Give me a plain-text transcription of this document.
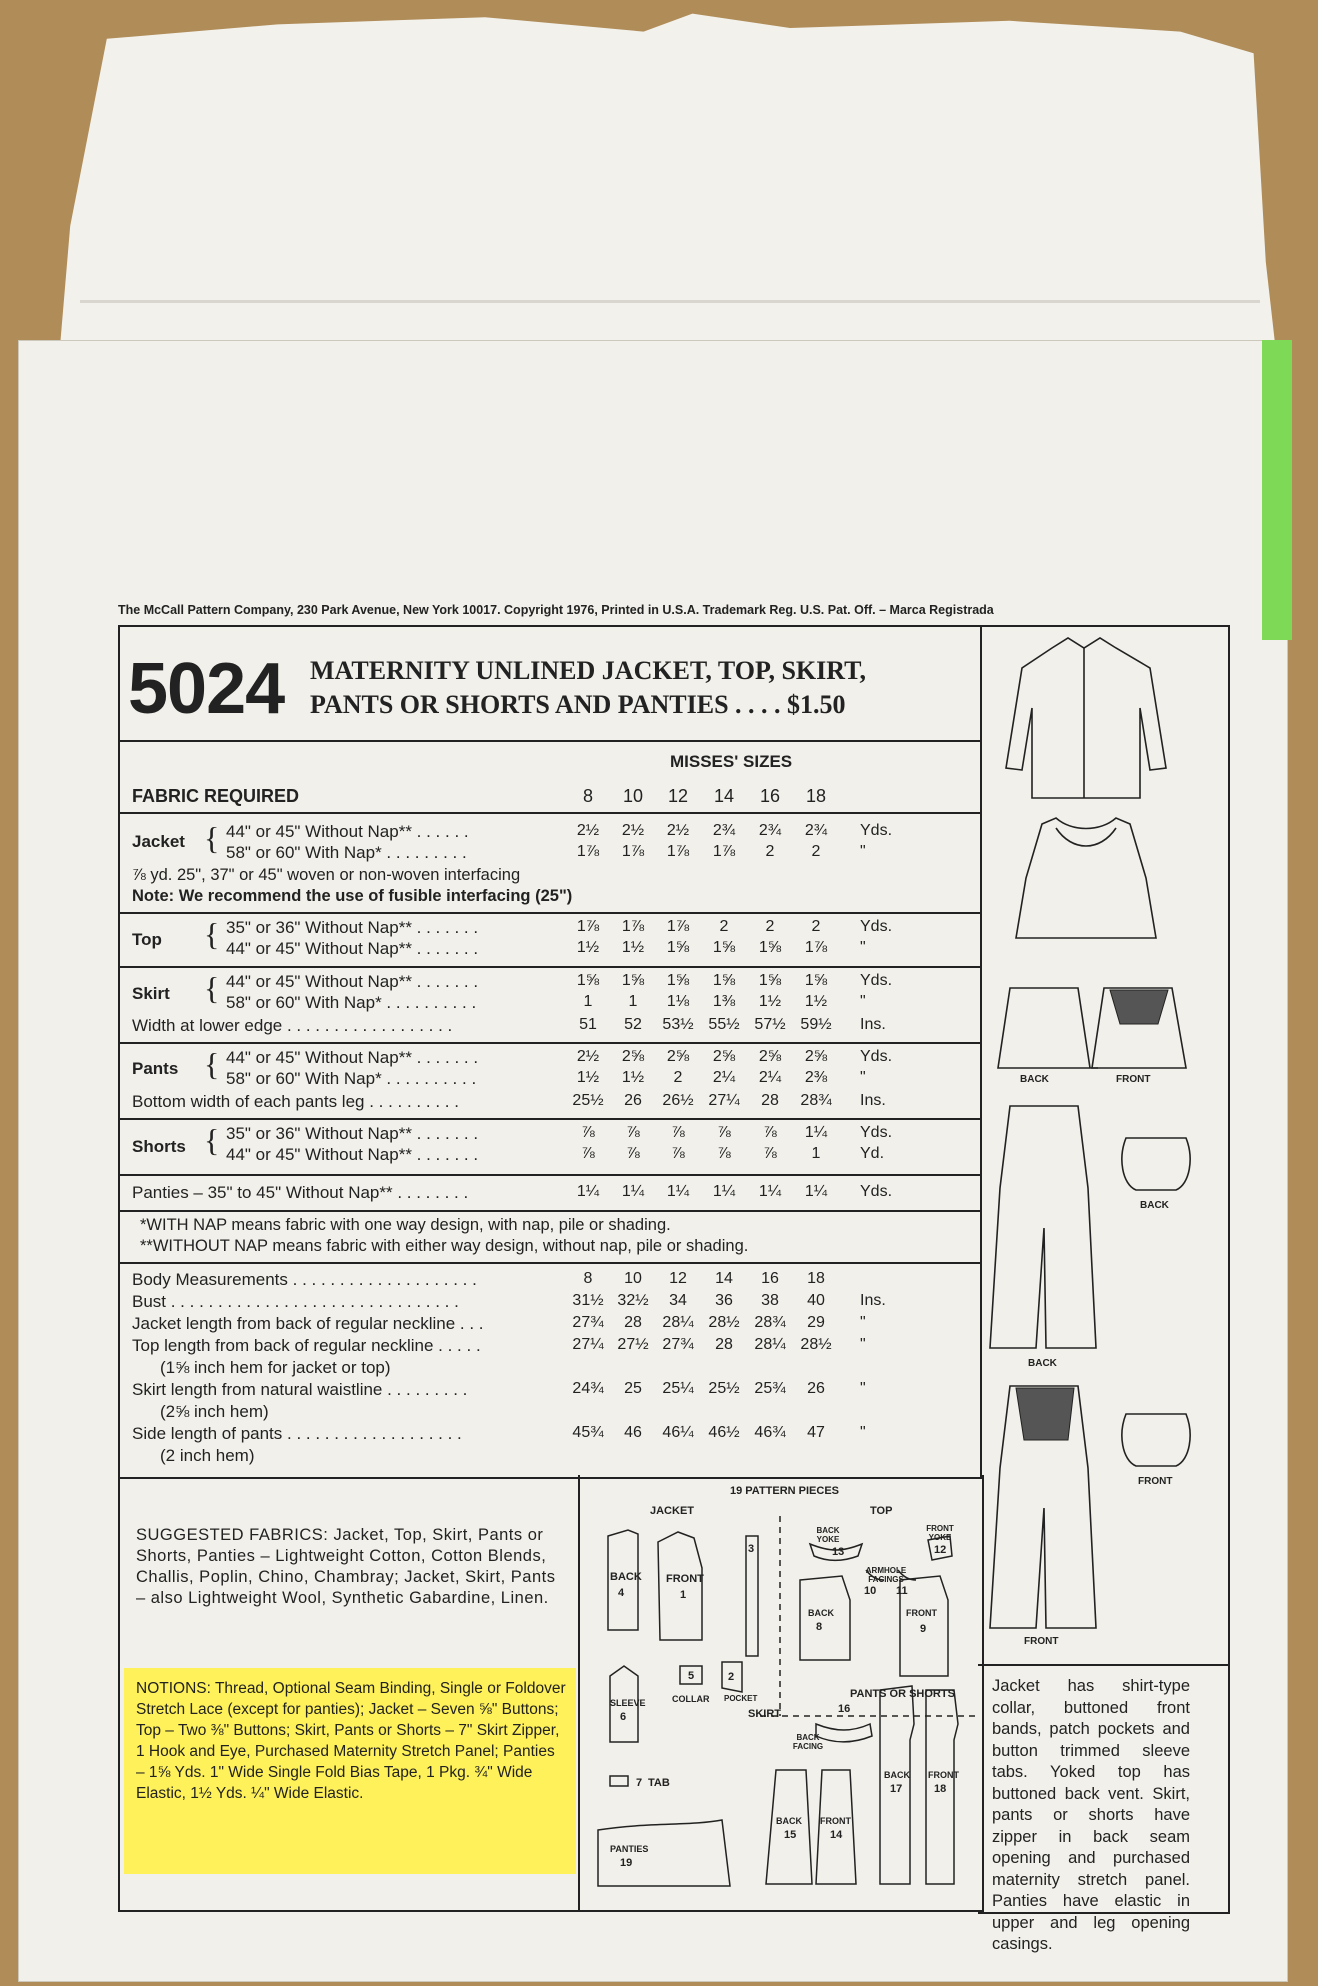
The McCall Pattern Company, 230 Park Avenue, New York 10017. Copyright 1976, Printed in U.S.A. Trademark Reg. U.S. Pat. Off. – Marca Registrada
5024 MATERNITY UNLINED JACKET, TOP, SKIRT,
PANTS OR SHORTS AND PANTIES . . . . $1.50
MISSES' SIZES
FABRIC REQUIRED	8	10	12	14	16	18
Jacket { 44" or 45" Without Nap** . . . . . .	2½	2½	2½	2¾	2¾	2¾	Yds.
58" or 60" With Nap* . . . . . . . . .	1⅞	1⅞	1⅞	1⅞	2	2	"
⅞ yd. 25", 37" or 45" woven or non-woven interfacing
Note: We recommend the use of fusible interfacing (25")
Top { 35" or 36" Without Nap** . . . . . . .	1⅞	1⅞	1⅞	2	2	2	Yds.
44" or 45" Without Nap** . . . . . . .	1½	1½	1⅝	1⅝	1⅝	1⅞	"
Skirt { 44" or 45" Without Nap** . . . . . . .	1⅝	1⅝	1⅝	1⅝	1⅝	1⅝	Yds.
58" or 60" With Nap* . . . . . . . . . .	1	1	1⅛	1⅜	1½	1½	"
Width at lower edge . . . . . . . . . . . . . . . . . .	51	52	53½ 55½ 57½ 59½ Ins.
Pants { 44" or 45" Without Nap** . . . . . . .	2½	2⅝	2⅝	2⅝	2⅝	2⅝	Yds.
58" or 60" With Nap* . . . . . . . . . .	1½	1½	2	2¼	2¼	2⅜	"
Bottom width of each pants leg . . . . . . . . . .	25½	26	26½ 27¼	28	28¾ Ins.
Shorts { 35" or 36" Without Nap** . . . . . . .	⅞	⅞	⅞	⅞	⅞	1¼	Yds.
44" or 45" Without Nap** . . . . . . .	⅞	⅞	⅞	⅞	⅞	1	Yd.
Panties – 35" to 45" Without Nap** . . . . . . . .	1¼	1¼	1¼	1¼	1¼	1¼	Yds.
*WITH NAP means fabric with one way design, with nap, pile or shading.
**WITHOUT NAP means fabric with either way design, without nap, pile or shading.
Body Measurements . . . . . . . . . . . . . . . . . . . .	8	10	12	14	16	18
Bust . . . . . . . . . . . . . . . . . . . . . . . . . . . . . . .	31½ 32½	34	36	38	40	Ins.
Jacket length from back of regular neckline . . .	27¾	28	28¼ 28½ 28¾	29	"
Top length from back of regular neckline . . . . .	27¼ 27½ 27¾	28	28¼ 28½ "
(1⅝ inch hem for jacket or top)
Skirt length from natural waistline . . . . . . . . .	24¾	25	25¼ 25½ 25¾	26	"
(2⅝ inch hem)
Side length of pants . . . . . . . . . . . . . . . . . . .	45¾	46	46¼ 46½ 46¾	47	"
(2 inch hem)
SUGGESTED FABRICS: Jacket, Top, Skirt, Pants or Shorts, Panties – Lightweight Cotton, Cotton Blends, Challis, Poplin, Chino, Chambray; Jacket, Skirt, Pants – also Lightweight Wool, Synthetic Gabardine, Linen.
NOTIONS: Thread, Optional Seam Binding, Single or Foldover Stretch Lace (except for panties); Jacket – Seven ⅝" Buttons; Top – Two ⅜" Buttons; Skirt, Pants or Shorts – 7" Skirt Zipper, 1 Hook and Eye, Purchased Maternity Stretch Panel; Panties – 1⅝ Yds. 1" Wide Single Fold Bias Tape, 1 Pkg. ¾" Wide Elastic, 1½ Yds. ¼" Wide Elastic.
19 PATTERN PIECES
JACKET	TOP
SKIRT
PANTS OR SHORTS
BACK YOKE
FRONT YOKE
ARMHOLE FACINGS
BACK FACING
COLLAR POCKET
BACK
4
FRONT
1
3
5	2
SLEEVE
6
7 TAB
PANTIES
19
13	12
BACK
8
10 11
FRONT
9
16
BACK
15
FRONT
14
BACK
17
FRONT
18
BACK	FRONT
BACK
BACK
FRONT
FRONT
Jacket has shirt-type collar, buttoned front bands, patch pockets and button trimmed sleeve tabs. Yoked top has buttoned back vent. Skirt, pants or shorts have zipper in back seam opening and purchased maternity stretch panel. Panties have elastic in upper and leg opening casings.
